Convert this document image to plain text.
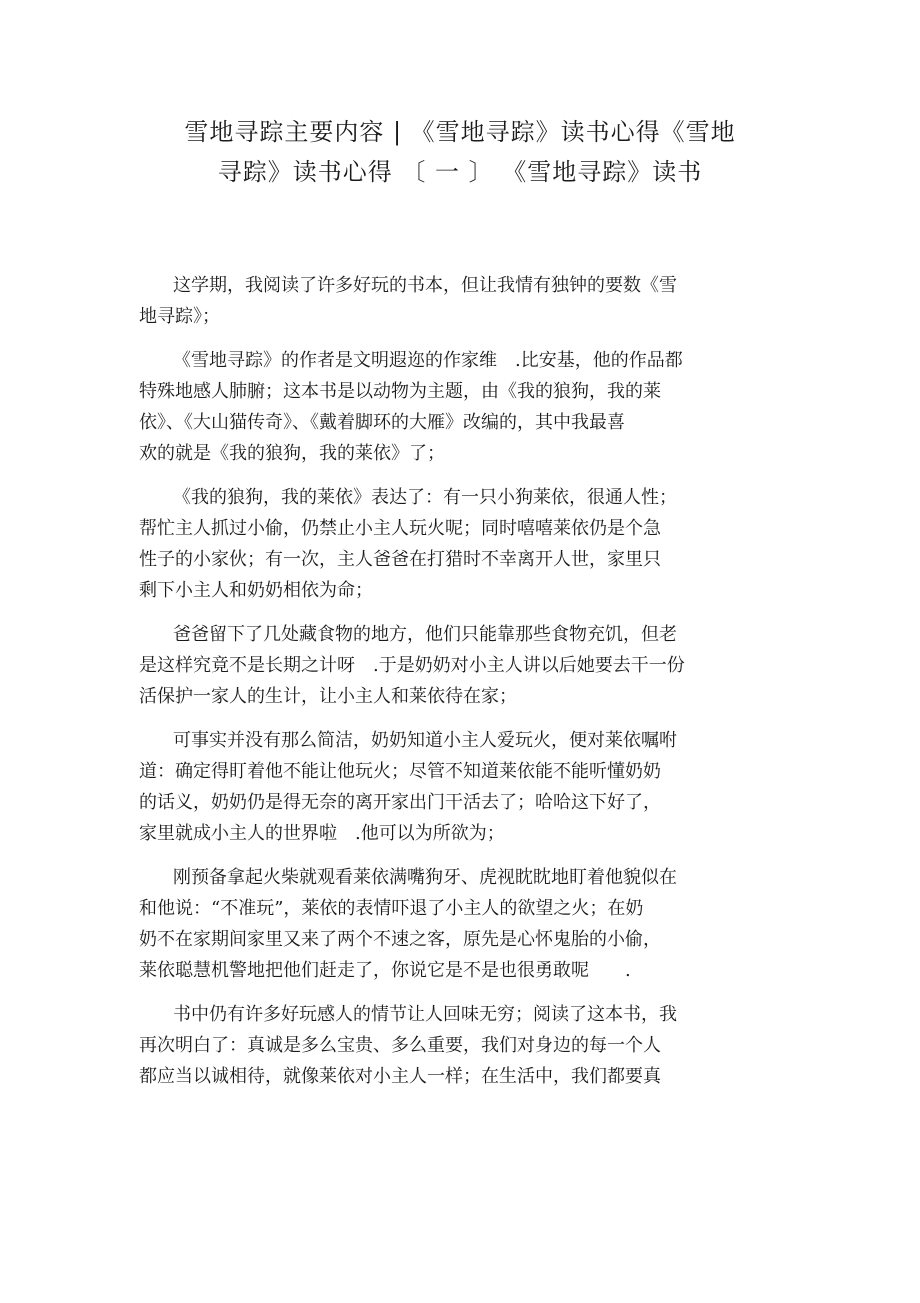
雪地寻踪主要内容 | 《雪地寻踪》读书心得《雪地
寻踪》读书心得 〔 一 〕 《雪地寻踪》读书

这学期，我阅读了许多好玩的书本，但让我情有独钟的要数《雪
地寻踪》；

《雪地寻踪》的作者是文明遐迩的作家维　.比安基，他的作品都
特殊地感人肺腑；这本书是以动物为主题，由《我的狼狗，我的莱
依》、《大山猫传奇》、《戴着脚环的大雁》改编的，其中我最喜
欢的就是《我的狼狗，我的莱依》了；

《我的狼狗，我的莱依》表达了：有一只小狗莱依，很通人性；
帮忙主人抓过小偷，仍禁止小主人玩火呢；同时嘻嘻莱依仍是个急
性子的小家伙；有一次，主人爸爸在打猎时不幸离开人世，家里只
剩下小主人和奶奶相依为命；

爸爸留下了几处藏食物的地方，他们只能靠那些食物充饥，但老
是这样究竟不是长期之计呀　.于是奶奶对小主人讲以后她要去干一份
活保护一家人的生计，让小主人和莱依待在家；

可事实并没有那么简洁，奶奶知道小主人爱玩火，便对莱依嘱咐
道：确定得盯着他不能让他玩火；尽管不知道莱依能不能听懂奶奶
的话义，奶奶仍是得无奈的离开家出门干活去了；哈哈这下好了，
家里就成小主人的世界啦　.他可以为所欲为；

刚预备拿起火柴就观看莱依满嘴狗牙、虎视眈眈地盯着他貌似在
和他说：“不准玩”，莱依的表情吓退了小主人的欲望之火；在奶
奶不在家期间家里又来了两个不速之客，原先是心怀鬼胎的小偷，
莱依聪慧机警地把他们赶走了，你说它是不是也很勇敢呢　　.

书中仍有许多好玩感人的情节让人回味无穷；阅读了这本书，我
再次明白了：真诚是多么宝贵、多么重要，我们对身边的每一个人
都应当以诚相待，就像莱依对小主人一样；在生活中，我们都要真
